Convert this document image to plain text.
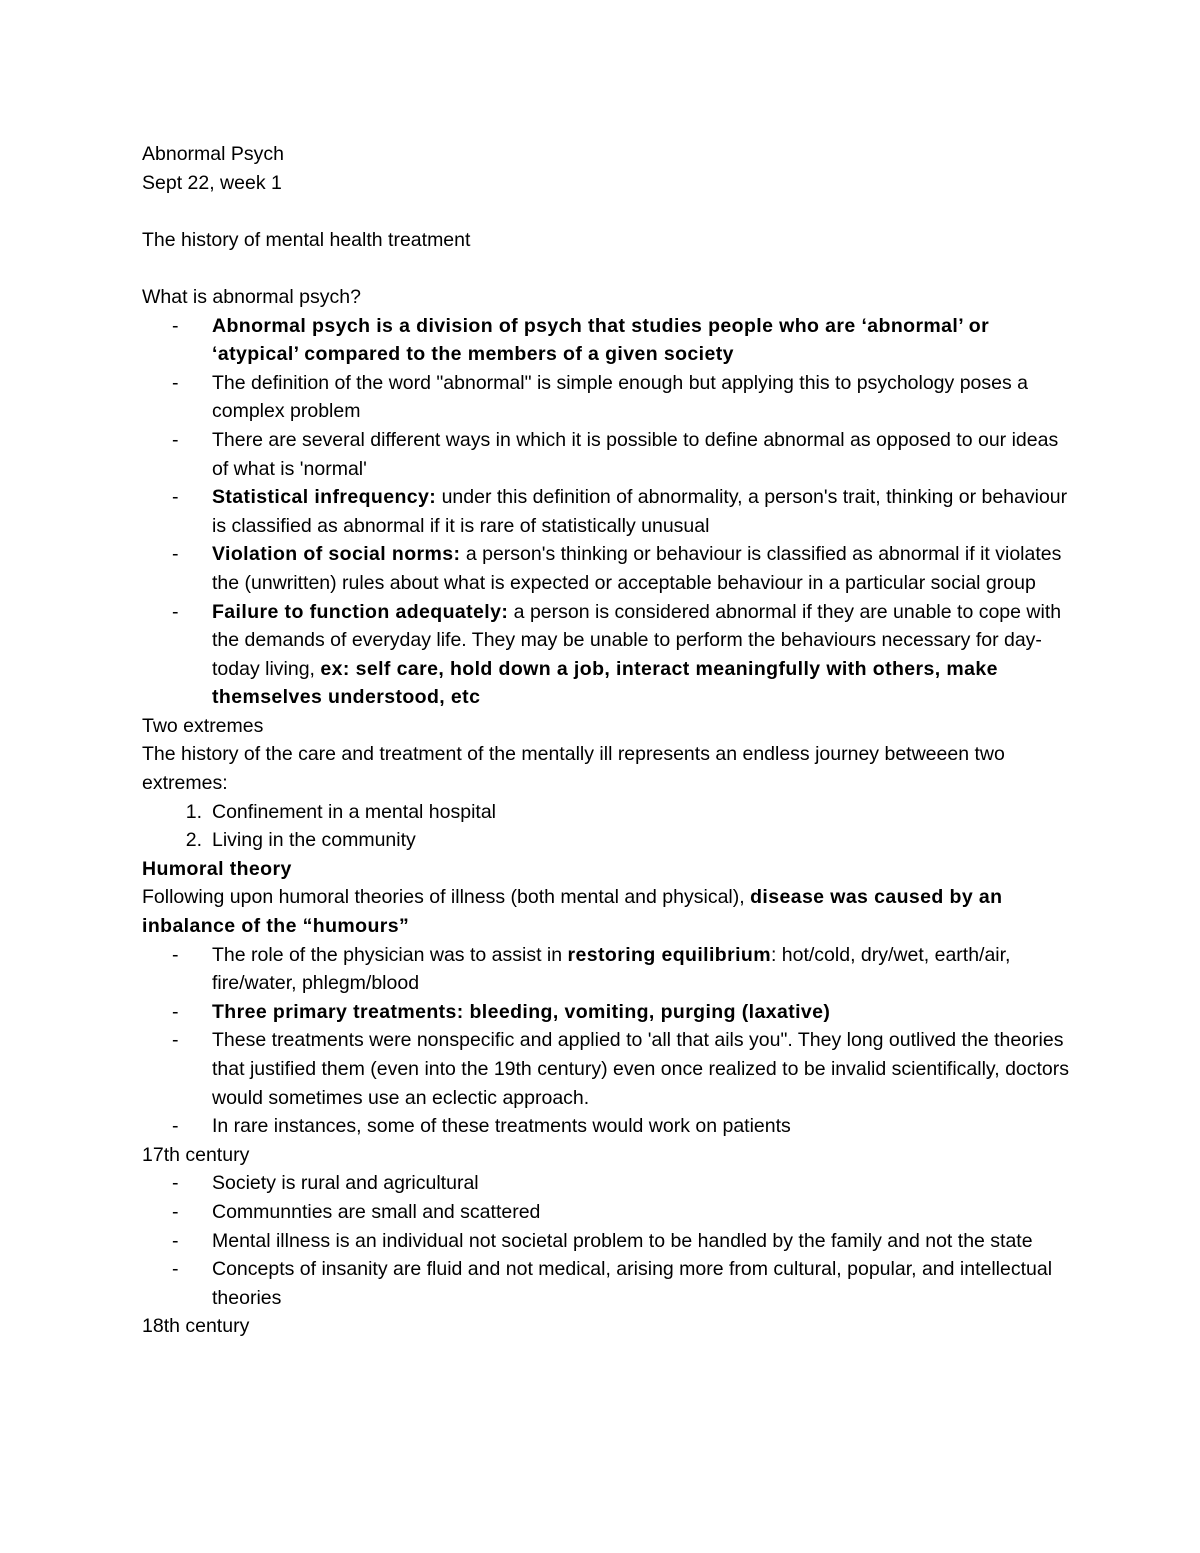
Abnormal Psych
Sept 22, week 1
The history of mental health treatment
What is abnormal psych?
- Abnormal psych is a division of psych that studies people who are ‘abnormal’ or ‘atypical’ compared to the members of a given society
- The definition of the word "abnormal" is simple enough but applying this to psychology poses a complex problem
- There are several different ways in which it is possible to define abnormal as opposed to our ideas of what is 'normal'
- Statistical infrequency: under this definition of abnormality, a person's trait, thinking or behaviour is classified as abnormal if it is rare of statistically unusual
- Violation of social norms: a person's thinking or behaviour is classified as abnormal if it violates the (unwritten) rules about what is expected or acceptable behaviour in a particular social group
- Failure to function adequately: a person is considered abnormal if they are unable to cope with the demands of everyday life. They may be unable to perform the behaviours necessary for day-today living, ex: self care, hold down a job, interact meaningfully with others, make themselves understood, etc
Two extremes
The history of the care and treatment of the mentally ill represents an endless journey betweeen two extremes:
1. Confinement in a mental hospital
2. Living in the community
Humoral theory
Following upon humoral theories of illness (both mental and physical), disease was caused by an inbalance of the “humours”
- The role of the physician was to assist in restoring equilibrium: hot/cold, dry/wet, earth/air, fire/water, phlegm/blood
- Three primary treatments: bleeding, vomiting, purging (laxative)
- These treatments were nonspecific and applied to 'all that ails you". They long outlived the theories that justified them (even into the 19th century) even once realized to be invalid scientifically, doctors would sometimes use an eclectic approach.
- In rare instances, some of these treatments would work on patients
17th century
- Society is rural and agricultural
- Communnties are small and scattered
- Mental illness is an individual not societal problem to be handled by the family and not the state
- Concepts of insanity are fluid and not medical, arising more from cultural, popular, and intellectual theories
18th century
